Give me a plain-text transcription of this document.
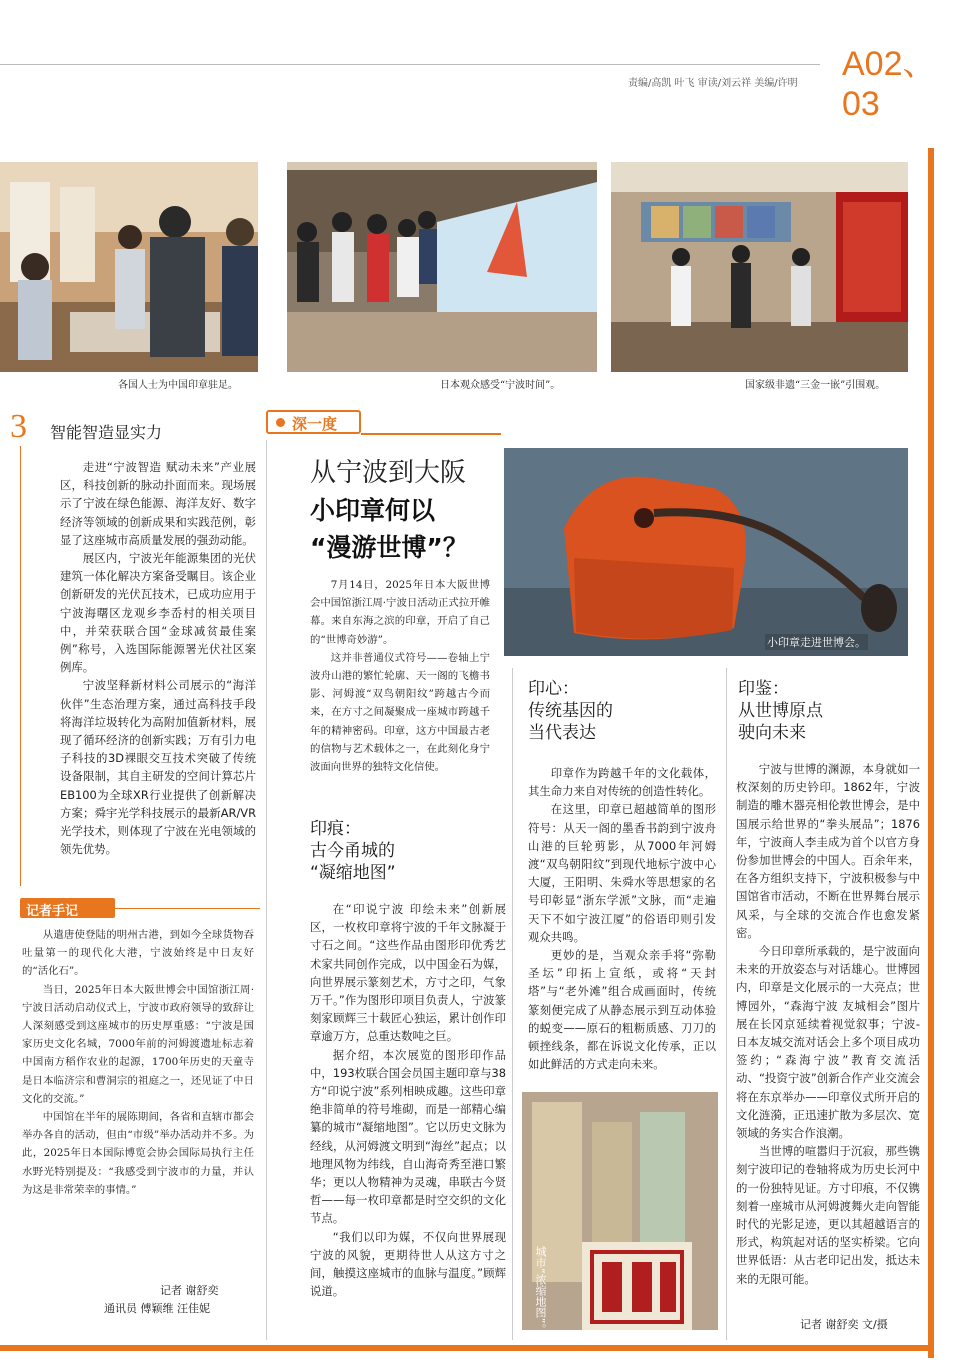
A02、03
责编/高凯 叶飞 审读/刘云祥 美编/许明
各国人士为中国印章驻足。	日本观众感受“宁波时间”。	国家级非遗“三金一嵌”引围观。
3 智能智造显实力

走进“宁波智造 赋动未来”产业展区，科技创新的脉动扑面而来。现场展示了宁波在绿色能源、海洋友好、数字经济等领域的创新成果和实践范例，彰显了这座城市高质量发展的强劲动能。

展区内，宁波光年能源集团的光伏建筑一体化解决方案备受瞩目。该企业创新研发的光伏瓦技术，已成功应用于宁波海曙区龙观乡李岙村的相关项目中，并荣获联合国“金球减贫最佳案例”称号，入选国际能源署光伏社区案例库。

宁波坚释新材料公司展示的“海洋伙伴”生态治理方案，通过高科技手段将海洋垃圾转化为高附加值新材料，展现了循环经济的创新实践；万有引力电子科技的3D裸眼交互技术突破了传统设备限制，其自主研发的空间计算芯片EB100为全球XR行业提供了创新解决方案；舜宇光学科技展示的最新AR/VR光学技术，则体现了宁波在光电领域的领先优势。

记者手记

从遣唐使登陆的明州古港，到如今全球货物吞吐量第一的现代化大港，宁波始终是中日友好的“活化石”。

当日，2025年日本大阪世博会中国馆浙江周·宁波日活动启动仪式上，宁波市政府领导的致辞让人深刻感受到这座城市的历史厚重感：“宁波是国家历史文化名城，7000年前的河姆渡遗址标志着中国南方稻作农业的起源，1700年历史的天童寺是日本临济宗和曹洞宗的祖庭之一，还见证了中日文化的交流。”

中国馆在半年的展陈期间，各省和直辖市都会举办各自的活动，但由“市级”举办活动并不多。为此，2025年日本国际博览会协会国际局执行主任水野光特别提及：“我感受到宁波市的力量，并认为这是非常荣幸的事情。”

记者 谢舒奕
通讯员 傅颖维 汪佳妮
深一度
从宁波到大阪
小印章何以
“漫游世博”？
小印章走进世博会。

7月14日，2025年日本大阪世博会中国馆浙江周·宁波日活动正式拉开帷幕。来自东海之滨的印章，开启了自己的“世博奇妙游”。

这并非普通仪式符号——卷轴上宁波舟山港的繁忙轮廓、天一阁的飞檐书影、河姆渡“双鸟朝阳纹”跨越古今而来，在方寸之间凝聚成一座城市跨越千年的精神密码。印章，这方中国最古老的信物与艺术载体之一，在此刻化身宁波面向世界的独特文化信使。

印痕：
古今甬城的
“凝缩地图”

在“印说宁波 印绘未来”创新展区，一枚枚印章将宁波的千年文脉凝于寸石之间。“这些作品由图形印优秀艺术家共同创作完成，以中国金石为媒，向世界展示篆刻艺术，方寸之印，气象万千。”作为图形印项目负责人，宁波篆刻家顾辉三十载匠心独运，累计创作印章逾万方，总重达数吨之巨。

据介绍，本次展览的图形印作品中，193枚联合国会员国主题印章与38方“印说宁波”系列相映成趣。这些印章绝非简单的符号堆砌，而是一部精心编纂的城市“凝缩地图”。它以历史文脉为经线，从河姆渡文明到“海丝”起点；以地理风物为纬线，自山海奇秀至港口繁华；更以人物精神为灵魂，串联古今贤哲——每一枚印章都是时空交织的文化节点。

“我们以印为媒，不仅向世界展现宁波的风貌，更期待世人从这方寸之间，触摸这座城市的血脉与温度。”顾辉说道。

印心：
传统基因的
当代表达

印章作为跨越千年的文化载体，其生命力来自对传统的创造性转化。

在这里，印章已超越简单的图形符号：从天一阁的墨香书韵到宁波舟山港的巨轮剪影，从7000年河姆渡“双鸟朝阳纹”到现代地标宁波中心大厦，王阳明、朱舜水等思想家的名号印彰显“浙东学派”文脉，而“走遍天下不如宁波江厦”的俗语印则引发观众共鸣。

更妙的是，当观众亲手将“弥勒圣坛”印拓上宣纸，或将“天封塔”与“老外滩”组合成画面时，传统篆刻便完成了从静态展示到互动体验的蜕变——原石的粗粝质感、刀刀的顿挫线条，都在诉说文化传承，正以如此鲜活的方式走向未来。

城市“浓缩地图”。
印鉴：
从世博原点
驶向未来

宁波与世博的渊源，本身就如一枚深刻的历史钤印。1862年，宁波制造的雕木器亮相伦敦世博会，是中国展示给世界的“拳头展品”；1876年，宁波商人李圭成为首个以官方身份参加世博会的中国人。百余年来，在各方组织支持下，宁波积极参与中国馆省市活动，不断在世界舞台展示风采，与全球的交流合作也愈发紧密。

今日印章所承载的，是宁波面向未来的开放姿态与对话雄心。世博园内，印章是文化展示的一大亮点；世博园外，“森海宁波 友城相会”图片展在长冈京延续着视觉叙事；宁波-日本友城交流对话会上多个项目成功签约；“森海宁波”教育交流活动、“投资宁波”创新合作产业交流会将在东京举办——印章仪式所开启的文化涟漪，正迅速扩散为多层次、宽领域的务实合作浪潮。

当世博的喧嚣归于沉寂，那些镌刻宁波印记的卷轴将成为历史长河中的一份独特见证。方寸印痕，不仅镌刻着一座城市从河姆渡舞火走向智能时代的光影足迹，更以其超越语言的形式，构筑起对话的坚实桥梁。它向世界低语：从古老印记出发，抵达未来的无限可能。

记者 谢舒奕 文/摄
